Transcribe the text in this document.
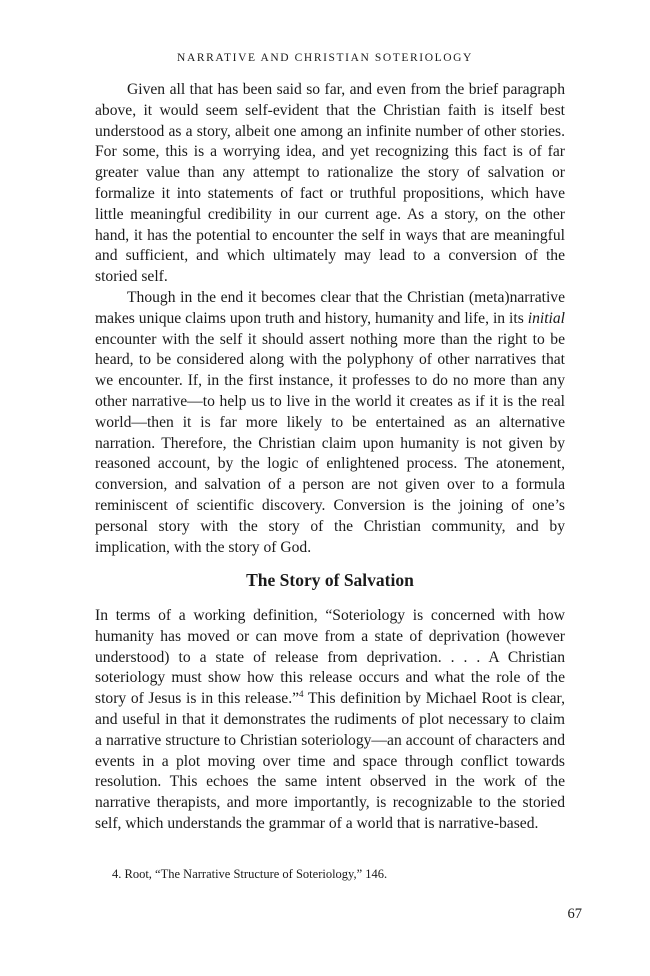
NARRATIVE AND CHRISTIAN SOTERIOLOGY

Given all that has been said so far, and even from the brief paragraph above, it would seem self-evident that the Christian faith is itself best understood as a story, albeit one among an infinite number of other stories. For some, this is a worrying idea, and yet recognizing this fact is of far greater value than any attempt to rationalize the story of salvation or formalize it into statements of fact or truthful propositions, which have little meaningful credibility in our current age. As a story, on the other hand, it has the potential to encounter the self in ways that are meaningful and sufficient, and which ultimately may lead to a conversion of the storied self.

Though in the end it becomes clear that the Christian (meta)narrative makes unique claims upon truth and history, humanity and life, in its initial encounter with the self it should assert nothing more than the right to be heard, to be considered along with the polyphony of other narratives that we encounter. If, in the first instance, it professes to do no more than any other narrative—to help us to live in the world it creates as if it is the real world—then it is far more likely to be entertained as an alternative narration. Therefore, the Christian claim upon humanity is not given by reasoned account, by the logic of enlightened process. The atonement, conversion, and salvation of a person are not given over to a formula reminiscent of scientific discovery. Conversion is the joining of one’s personal story with the story of the Christian community, and by implication, with the story of God.

The Story of Salvation

In terms of a working definition, “Soteriology is concerned with how humanity has moved or can move from a state of deprivation (however understood) to a state of release from deprivation. . . . A Christian soteriology must show how this release occurs and what the role of the story of Jesus is in this release.”$^4$ This definition by Michael Root is clear, and useful in that it demonstrates the rudiments of plot necessary to claim a narrative structure to Christian soteriology—an account of characters and events in a plot moving over time and space through conflict towards resolution. This echoes the same intent observed in the work of the narrative therapists, and more importantly, is recognizable to the storied self, which understands the grammar of a world that is narrative-based.

4. Root, “The Narrative Structure of Soteriology,” 146.
67
